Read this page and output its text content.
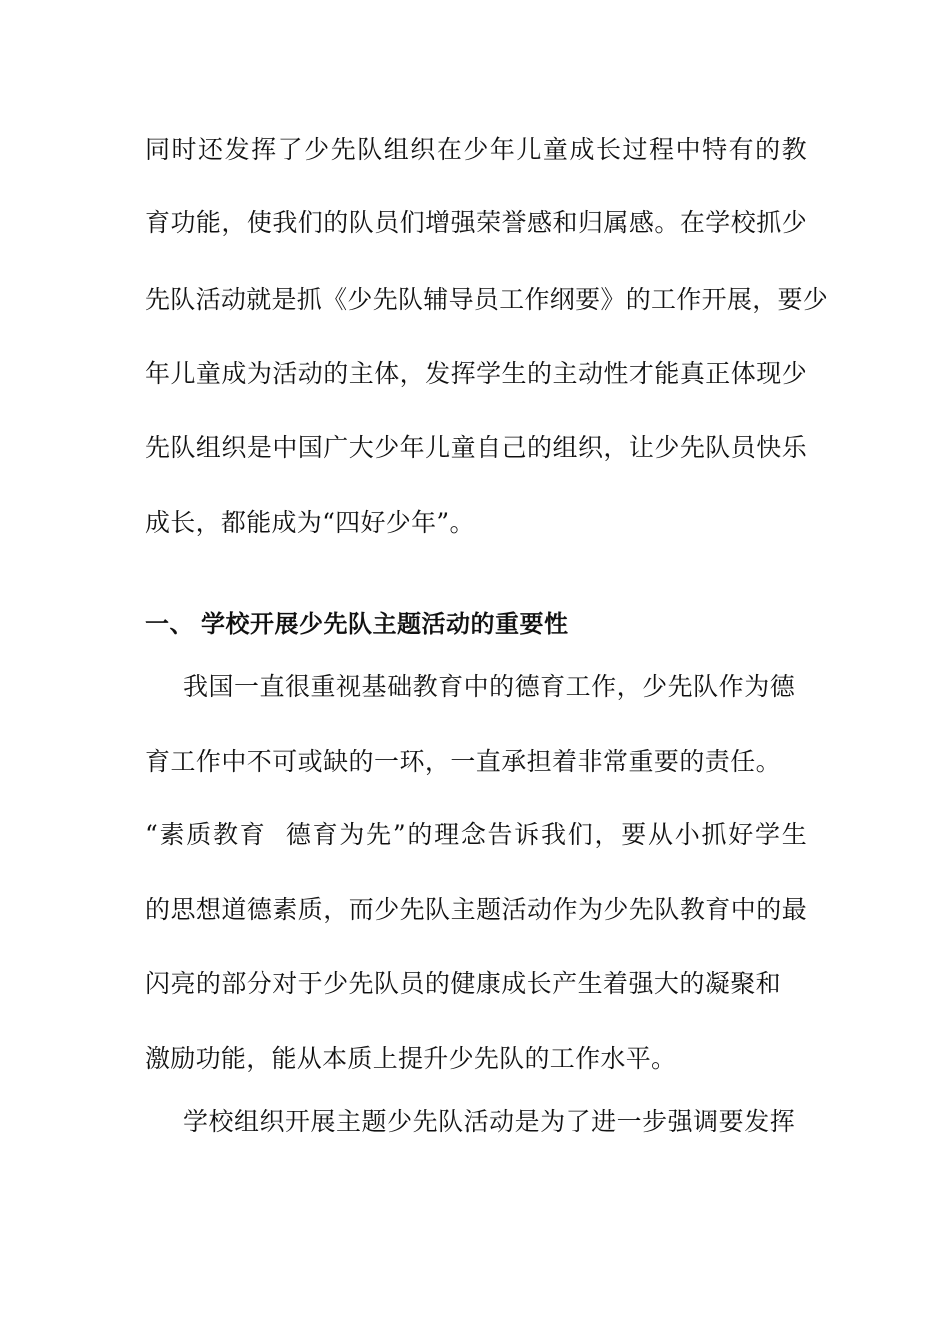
同时还发挥了少先队组织在少年儿童成长过程中特有的教
育功能，使我们的队员们增强荣誉感和归属感。在学校抓少
先队活动就是抓《少先队辅导员工作纲要》的工作开展，要少
年儿童成为活动的主体，发挥学生的主动性才能真正体现少
先队组织是中国广大少年儿童自己的组织，让少先队员快乐
成长，都能成为“四好少年”。
一、 学校开展少先队主题活动的重要性
我国一直很重视基础教育中的德育工作，少先队作为德
育工作中不可或缺的一环，一直承担着非常重要的责任。
“素质教育  德育为先”的理念告诉我们，要从小抓好学生
的思想道德素质，而少先队主题活动作为少先队教育中的最
闪亮的部分对于少先队员的健康成长产生着强大的凝聚和
激励功能，能从本质上提升少先队的工作水平。
学校组织开展主题少先队活动是为了进一步强调要发挥
